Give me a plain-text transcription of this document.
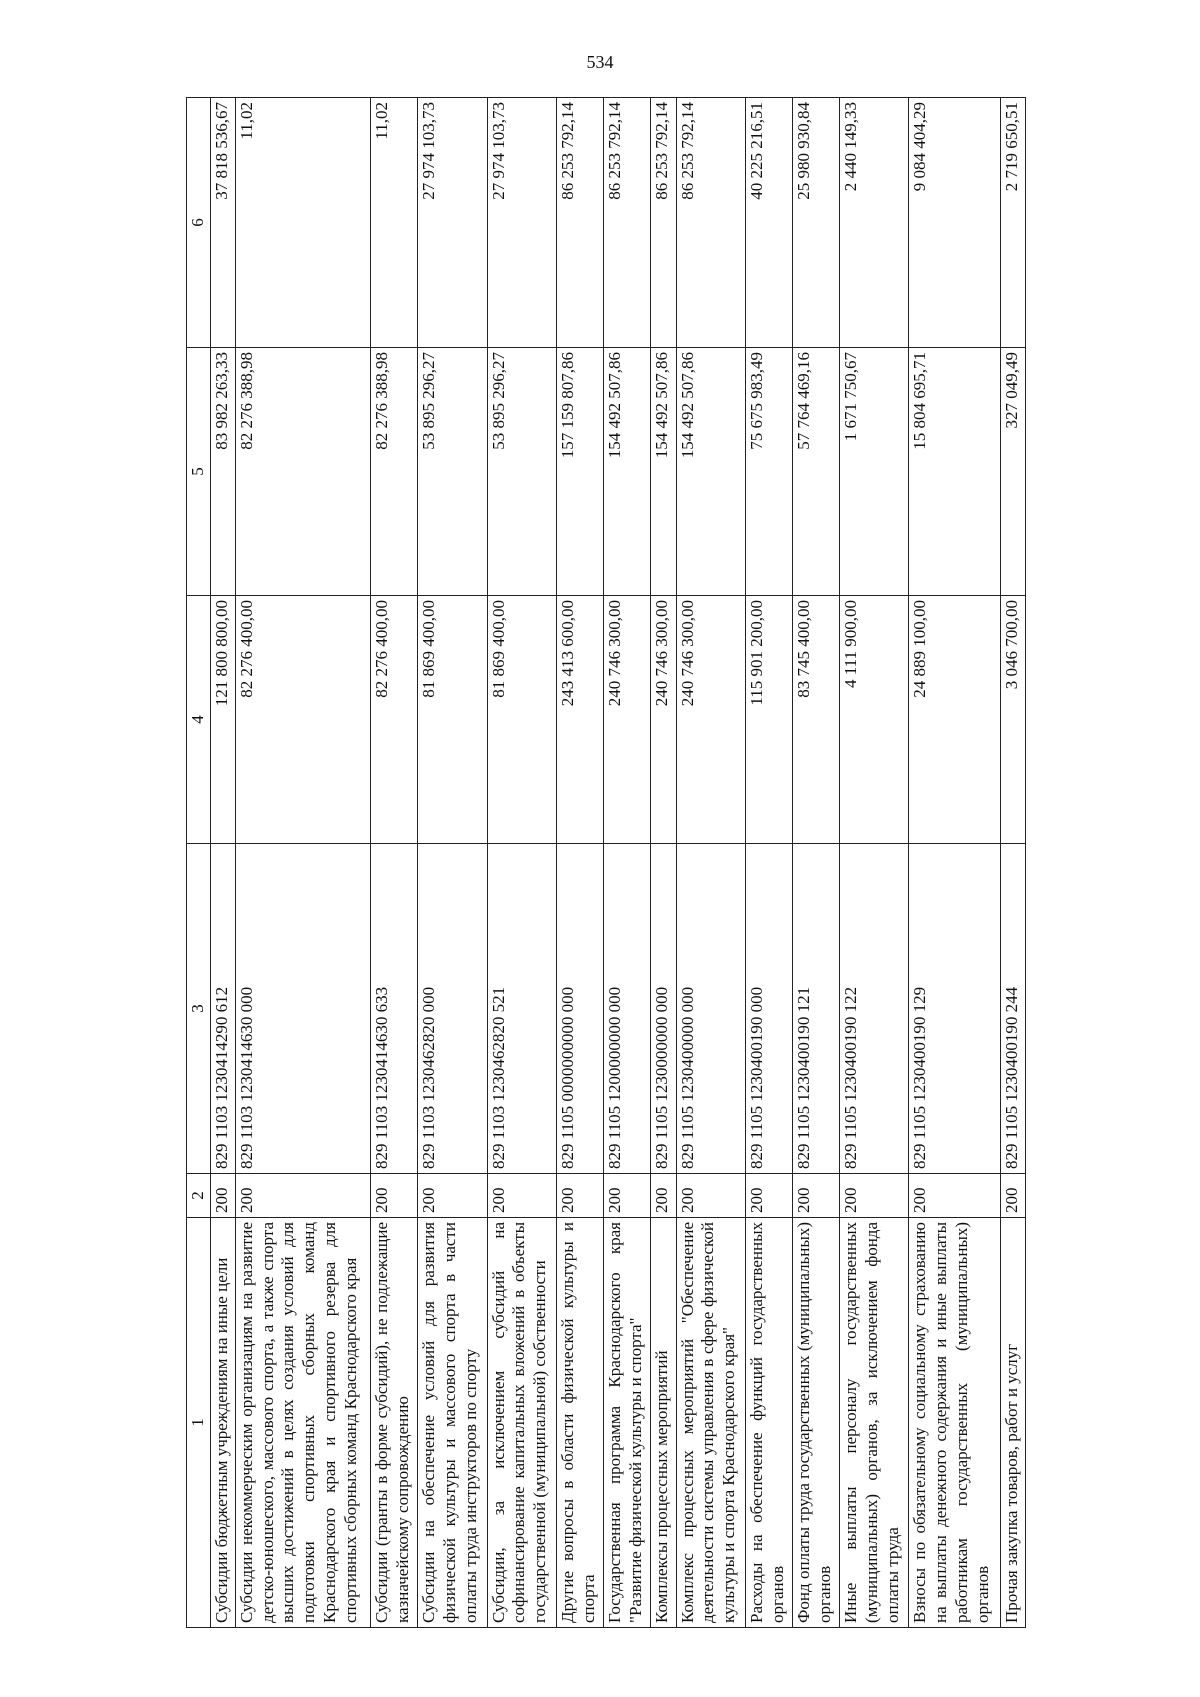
534
1	2	3	4	5	6
Субсидии бюджетным учреждениям на иные цели	200	829 1103 1230414290 612	121 800 800,00	83 982 263,33	37 818 536,67
Субсидии некоммерческим организациям на развитие детско-юношеского, массового спорта, а также спорта высших достижений в целях создания условий для подготовки спортивных сборных команд Краснодарского края и спортивного резерва для спортивных сборных команд Краснодарского края	200	829 1103 1230414630 000	82 276 400,00	82 276 388,98	11,02
Субсидии (гранты в форме субсидий), не подлежащие казначейскому сопровождению	200	829 1103 1230414630 633	82 276 400,00	82 276 388,98	11,02
Субсидии на обеспечение условий для развития физической культуры и массового спорта в части оплаты труда инструкторов по спорту	200	829 1103 1230462820 000	81 869 400,00	53 895 296,27	27 974 103,73
Субсидии, за исключением субсидий на софинансирование капитальных вложений в объекты государственной (муниципальной) собственности	200	829 1103 1230462820 521	81 869 400,00	53 895 296,27	27 974 103,73
Другие вопросы в области физической культуры и спорта	200	829 1105 0000000000 000	243 413 600,00	157 159 807,86	86 253 792,14
Государственная программа Краснодарского края "Развитие физической культуры и спорта"	200	829 1105 1200000000 000	240 746 300,00	154 492 507,86	86 253 792,14
Комплексы процессных мероприятий	200	829 1105 1230000000 000	240 746 300,00	154 492 507,86	86 253 792,14
Комплекс процессных мероприятий "Обеспечение деятельности системы управления в сфере физической культуры и спорта Краснодарского края"	200	829 1105 1230400000 000	240 746 300,00	154 492 507,86	86 253 792,14
Расходы на обеспечение функций государственных органов	200	829 1105 1230400190 000	115 901 200,00	75 675 983,49	40 225 216,51
Фонд оплаты труда государственных (муниципальных) органов	200	829 1105 1230400190 121	83 745 400,00	57 764 469,16	25 980 930,84
Иные выплаты персоналу государственных (муниципальных) органов, за исключением фонда оплаты труда	200	829 1105 1230400190 122	4 111 900,00	1 671 750,67	2 440 149,33
Взносы по обязательному социальному страхованию на выплаты денежного содержания и иные выплаты работникам государственных (муниципальных) органов	200	829 1105 1230400190 129	24 889 100,00	15 804 695,71	9 084 404,29
Прочая закупка товаров, работ и услуг	200	829 1105 1230400190 244	3 046 700,00	327 049,49	2 719 650,51
